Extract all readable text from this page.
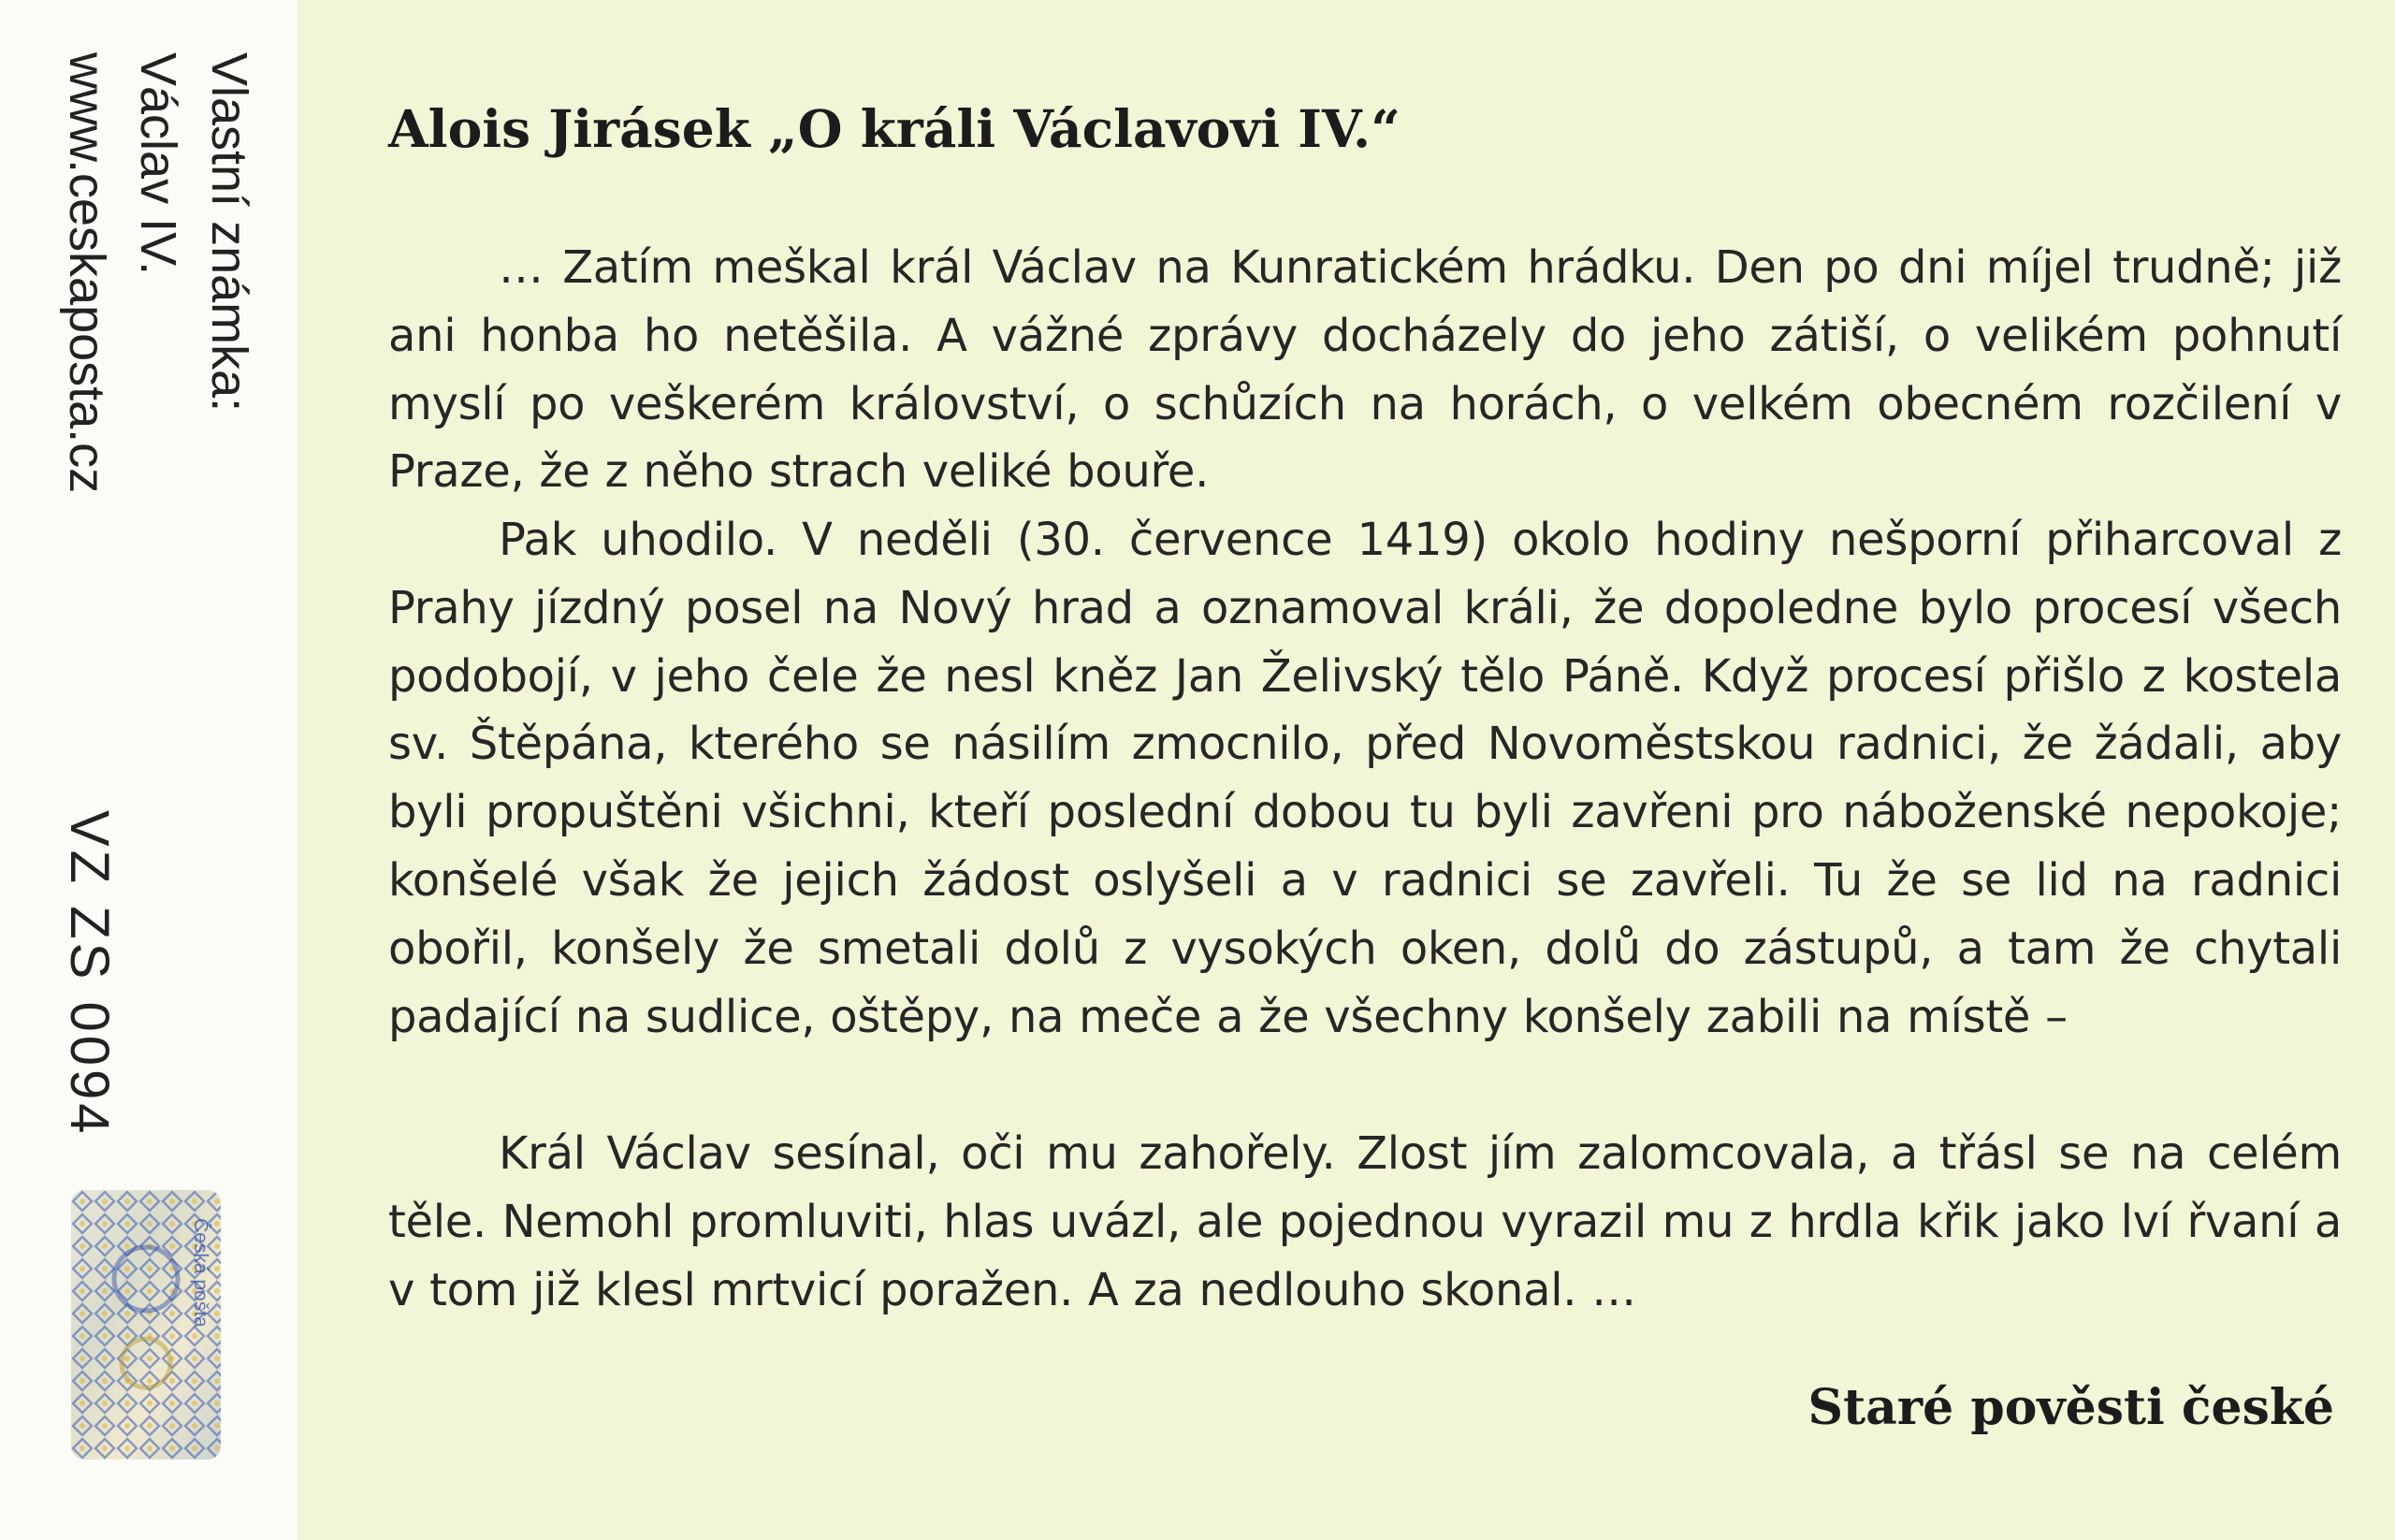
Vlastní známka:
Václav IV.
www.ceskaposta.cz
VZ ZS 0094
Česká pošta
Alois Jirásek „O králi Václavovi IV.“

… Zatím meškal král Václav na Kunratickém hrádku. Den po dni míjel trudně; již ani honba ho netěšila. A vážné zprávy docházely do jeho zátiší, o velikém pohnutí myslí po veškerém království, o schůzích na horách, o velkém obecném rozčilení v Praze, že z něho strach veliké bouře.

Pak uhodilo. V neděli (30. července 1419) okolo hodiny nešporní přiharcoval z Prahy jízdný posel na Nový hrad a oznamoval králi, že dopoledne bylo procesí všech podobojí, v jeho čele že nesl kněz Jan Želivský tělo Páně. Když procesí přišlo z kostela sv. Štěpána, kterého se násilím zmocnilo, před Novoměstskou radnici, že žádali, aby byli propuštěni všichni, kteří poslední dobou tu byli zavřeni pro náboženské nepokoje; konšelé však že jejich žádost oslyšeli a v radnici se zavřeli. Tu že se lid na radnici obořil, konšely že smetali dolů z vysokých oken, dolů do zástupů, a tam že chytali padající na sudlice, oštěpy, na meče a že všechny konšely zabili na místě –

Král Václav sesínal, oči mu zahořely. Zlost jím zalomcovala, a třásl se na celém těle. Nemohl promluviti, hlas uvázl, ale pojednou vyrazil mu z hrdla křik jako lví řvaní a v tom již klesl mrtvicí poražen. A za nedlouho skonal. …

Staré pověsti české
